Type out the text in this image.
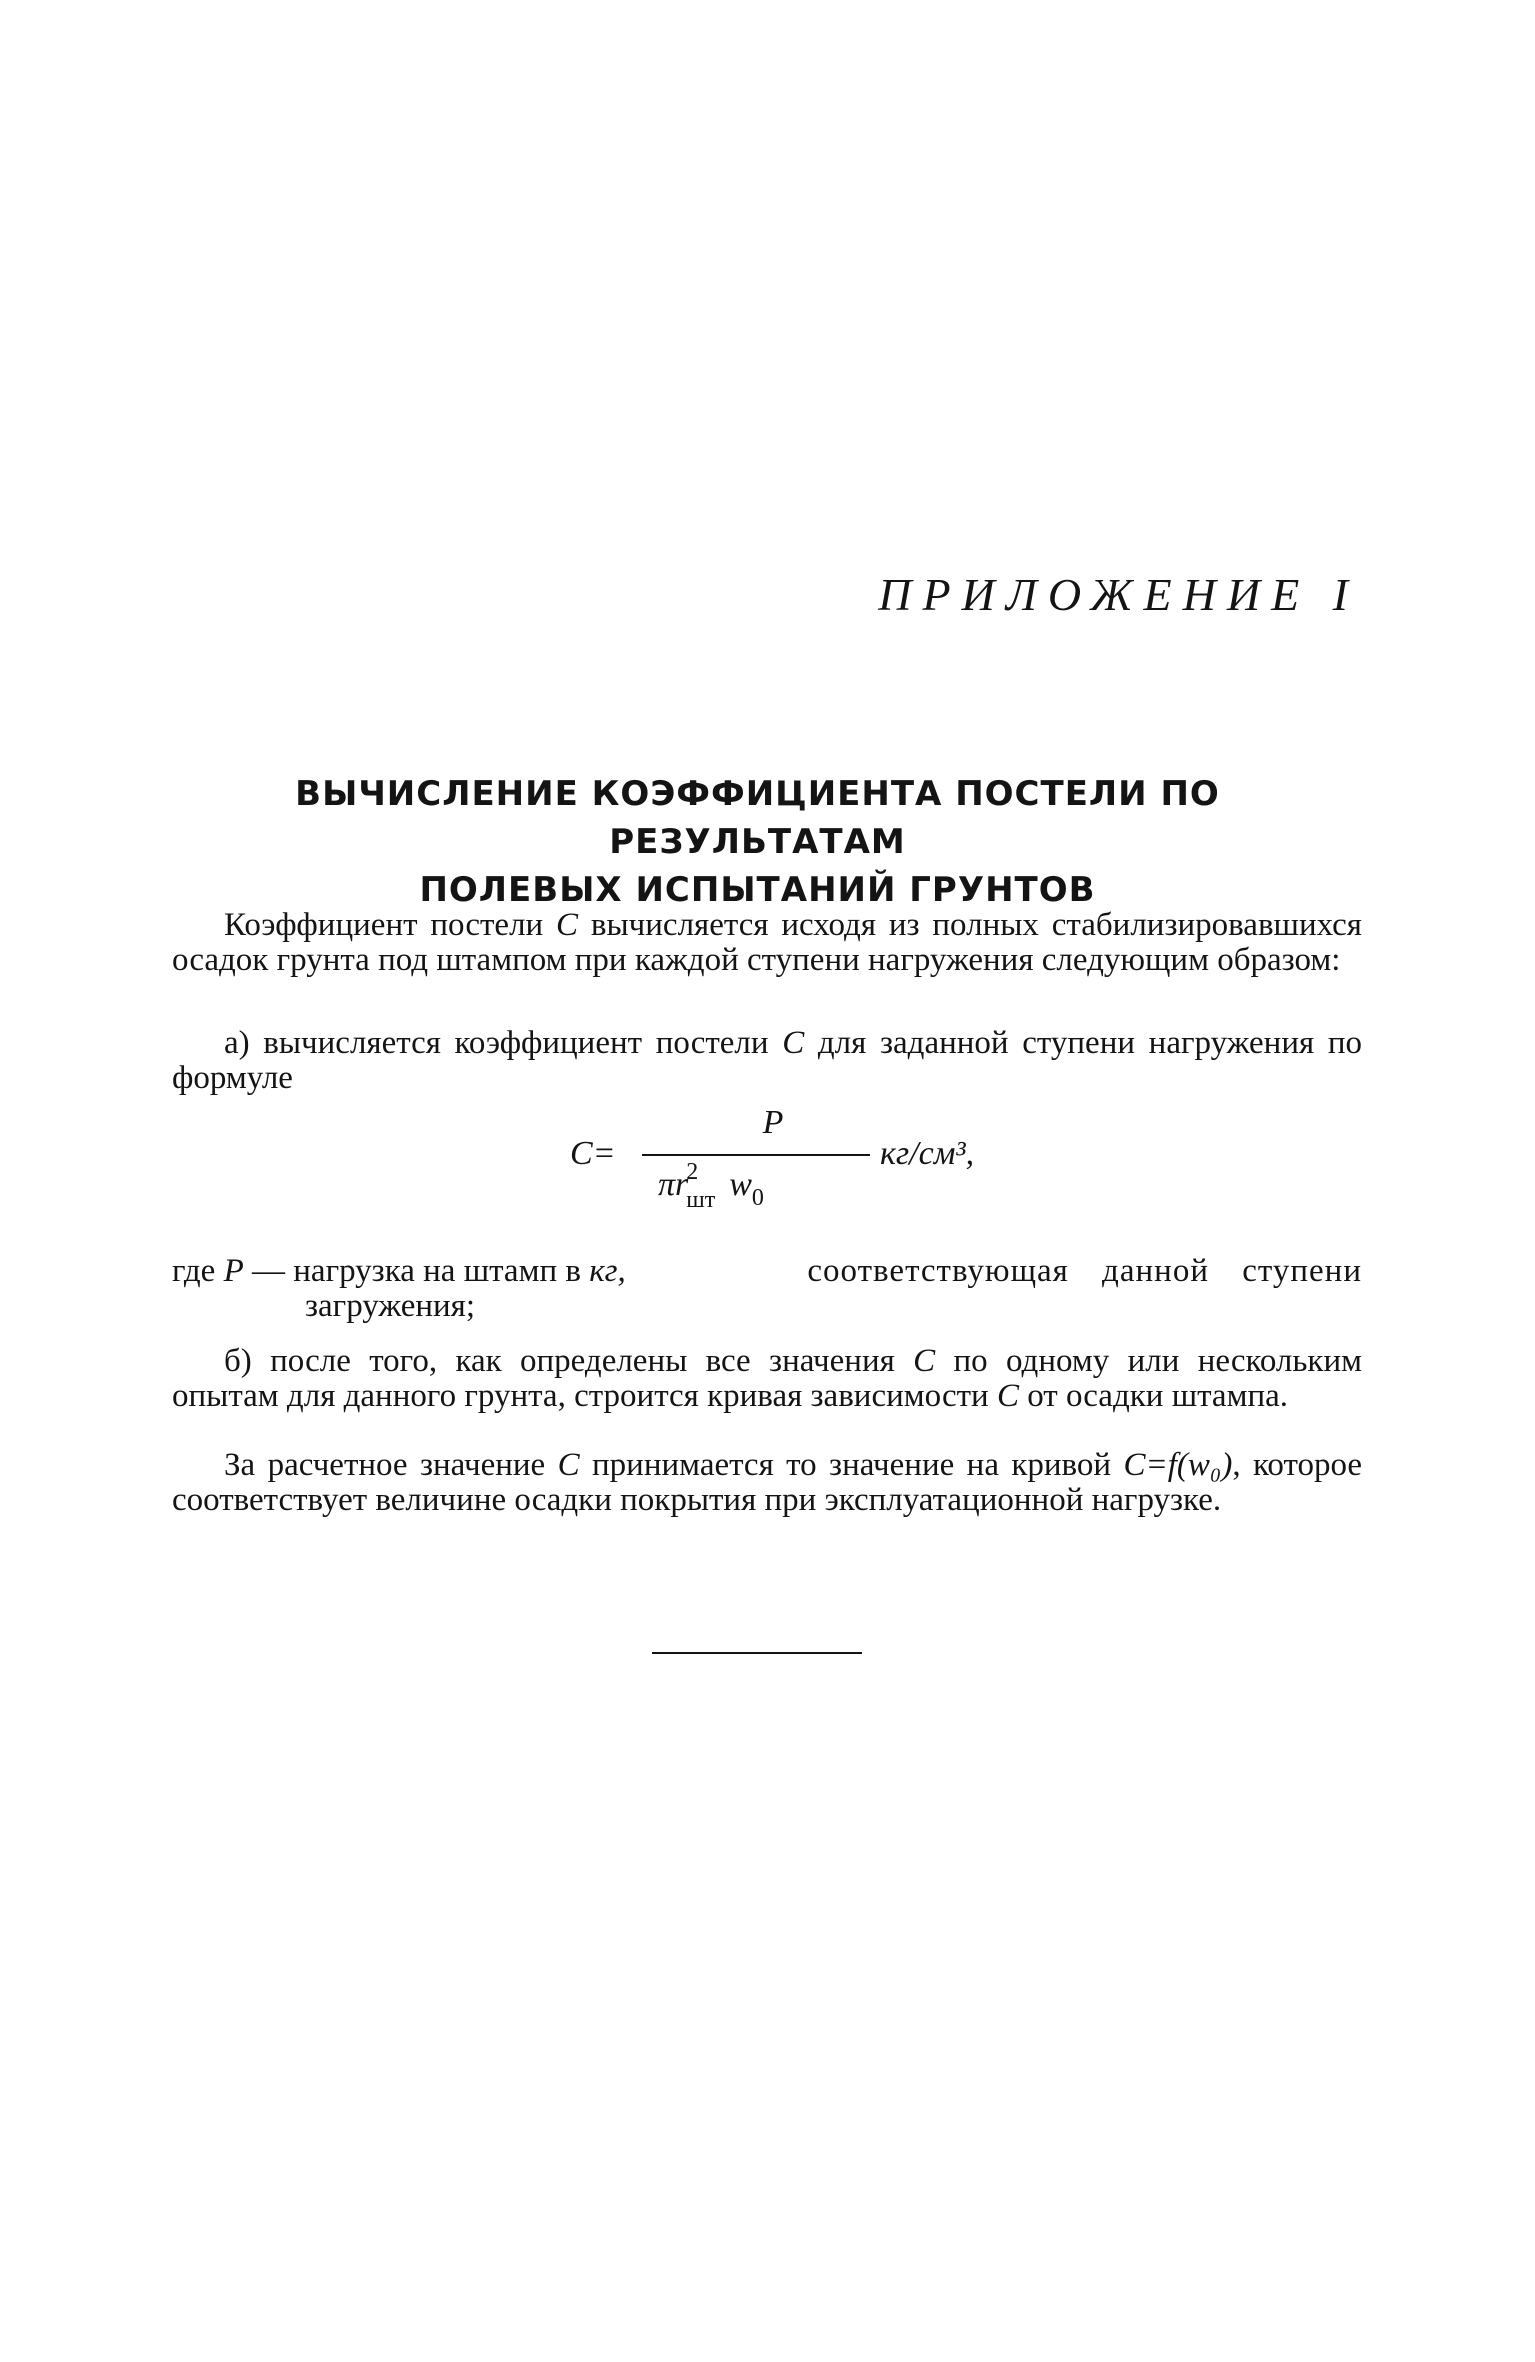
ПРИЛОЖЕНИЕ I
ВЫЧИСЛЕНИЕ КОЭФФИЦИЕНТА ПОСТЕЛИ ПО РЕЗУЛЬТАТАМ
ПОЛЕВЫХ ИСПЫТАНИЙ ГРУНТОВ

Коэффициент постели C вычисляется исходя из полных стабилизировавшихся осадок грунта под штампом при каждой ступени нагружения следующим образом:

а) вычисляется коэффициент постели C для заданной ступени нагружения по формуле

C=
P
$\pi r^2_{шт}$ $w_0$
кг/см³,
где P — нагрузка на штамп в кг,	соответствующая данной ступени
загружения;

б) после того, как определены все значения C по одному или нескольким опытам для данного грунта, строится кривая зависимости C от осадки штампа.

За расчетное значение C принимается то значение на кривой C=f(w₀), которое соответствует величине осадки покрытия при эксплуатационной нагрузке.
